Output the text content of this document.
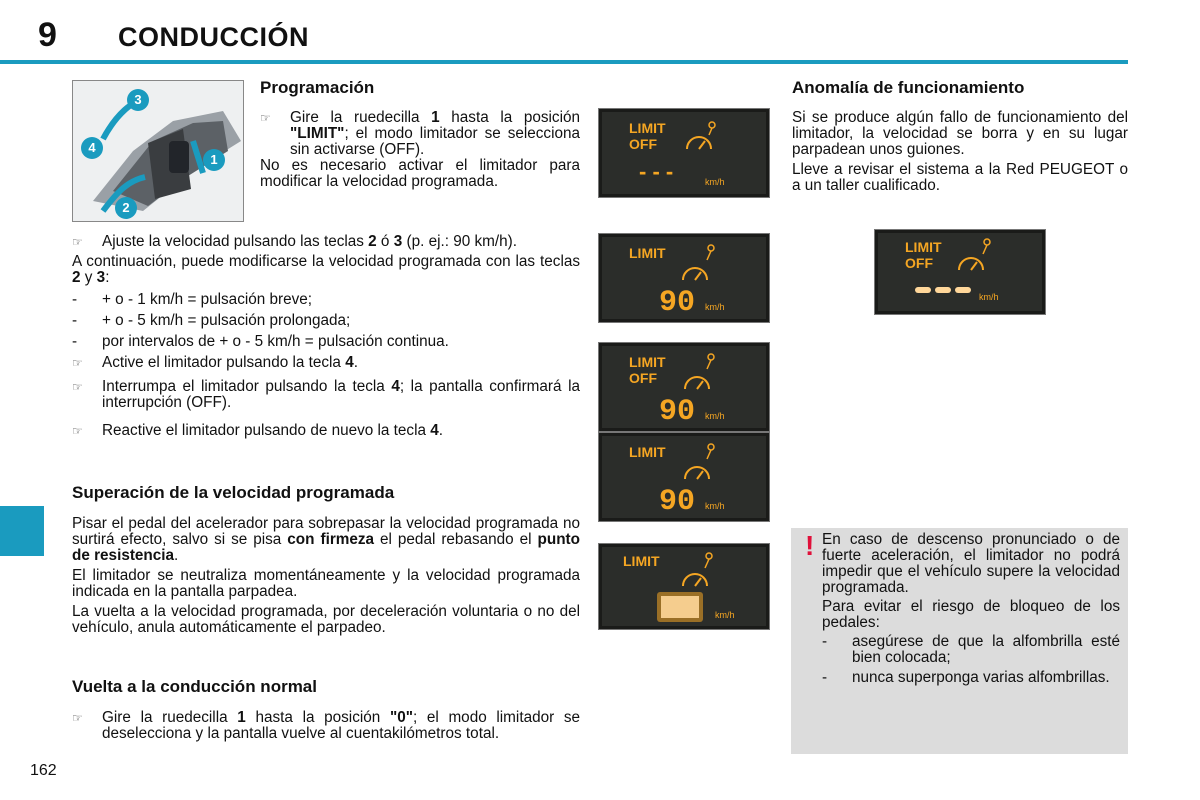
9 CONDUCCIÓN
162
3
4
1
2
Programación
☞ Gire la ruedecilla 1 hasta la posición "LIMIT"; el modo limitador se selecciona sin activarse (OFF).

No es necesario activar el limitador para modificar la velocidad programada.

☞ Ajuste la velocidad pulsando las teclas 2 ó 3 (p. ej.: 90 km/h).

A continuación, puede modificarse la velocidad programada con las teclas 2 y 3:

- + o - 1 km/h = pulsación breve;
- + o - 5 km/h = pulsación prolongada;
- por intervalos de + o - 5 km/h = pulsación continua.
☞ Active el limitador pulsando la tecla 4.
☞ Interrumpa el limitador pulsando la tecla 4; la pantalla confirmará la interrupción (OFF).
☞ Reactive el limitador pulsando de nuevo la tecla 4.
Superación de la velocidad programada

Pisar el pedal del acelerador para sobrepasar la velocidad programada no surtirá efecto, salvo si se pisa con firmeza el pedal rebasando el punto de resistencia.

El limitador se neutraliza momentáneamente y la velocidad programada indicada en la pantalla parpadea.

La vuelta a la velocidad programada, por deceleración voluntaria o no del vehículo, anula automáticamente el parpadeo.

Vuelta a la conducción normal
☞ Gire la ruedecilla 1 hasta la posición "0"; el modo limitador se deselecciona y la pantalla vuelve al cuentakilómetros total.
LIMIT
OFF
- - -	km/h
LIMIT
90 km/h
LIMIT
OFF
90 km/h
LIMIT
90 km/h
LIMIT
km/h
Anomalía de funcionamiento

Si se produce algún fallo de funcionamiento del limitador, la velocidad se borra y en su lugar parpadean unos guiones.

Lleve a revisar el sistema a la Red PEUGEOT o a un taller cualificado.

LIMIT
OFF
km/h
! En caso de descenso pronunciado o de fuerte aceleración, el limitador no podrá impedir que el vehículo supere la velocidad programada.

Para evitar el riesgo de bloqueo de los pedales:

- asegúrese de que la alfombrilla esté bien colocada;
- nunca superponga varias alfombrillas.
